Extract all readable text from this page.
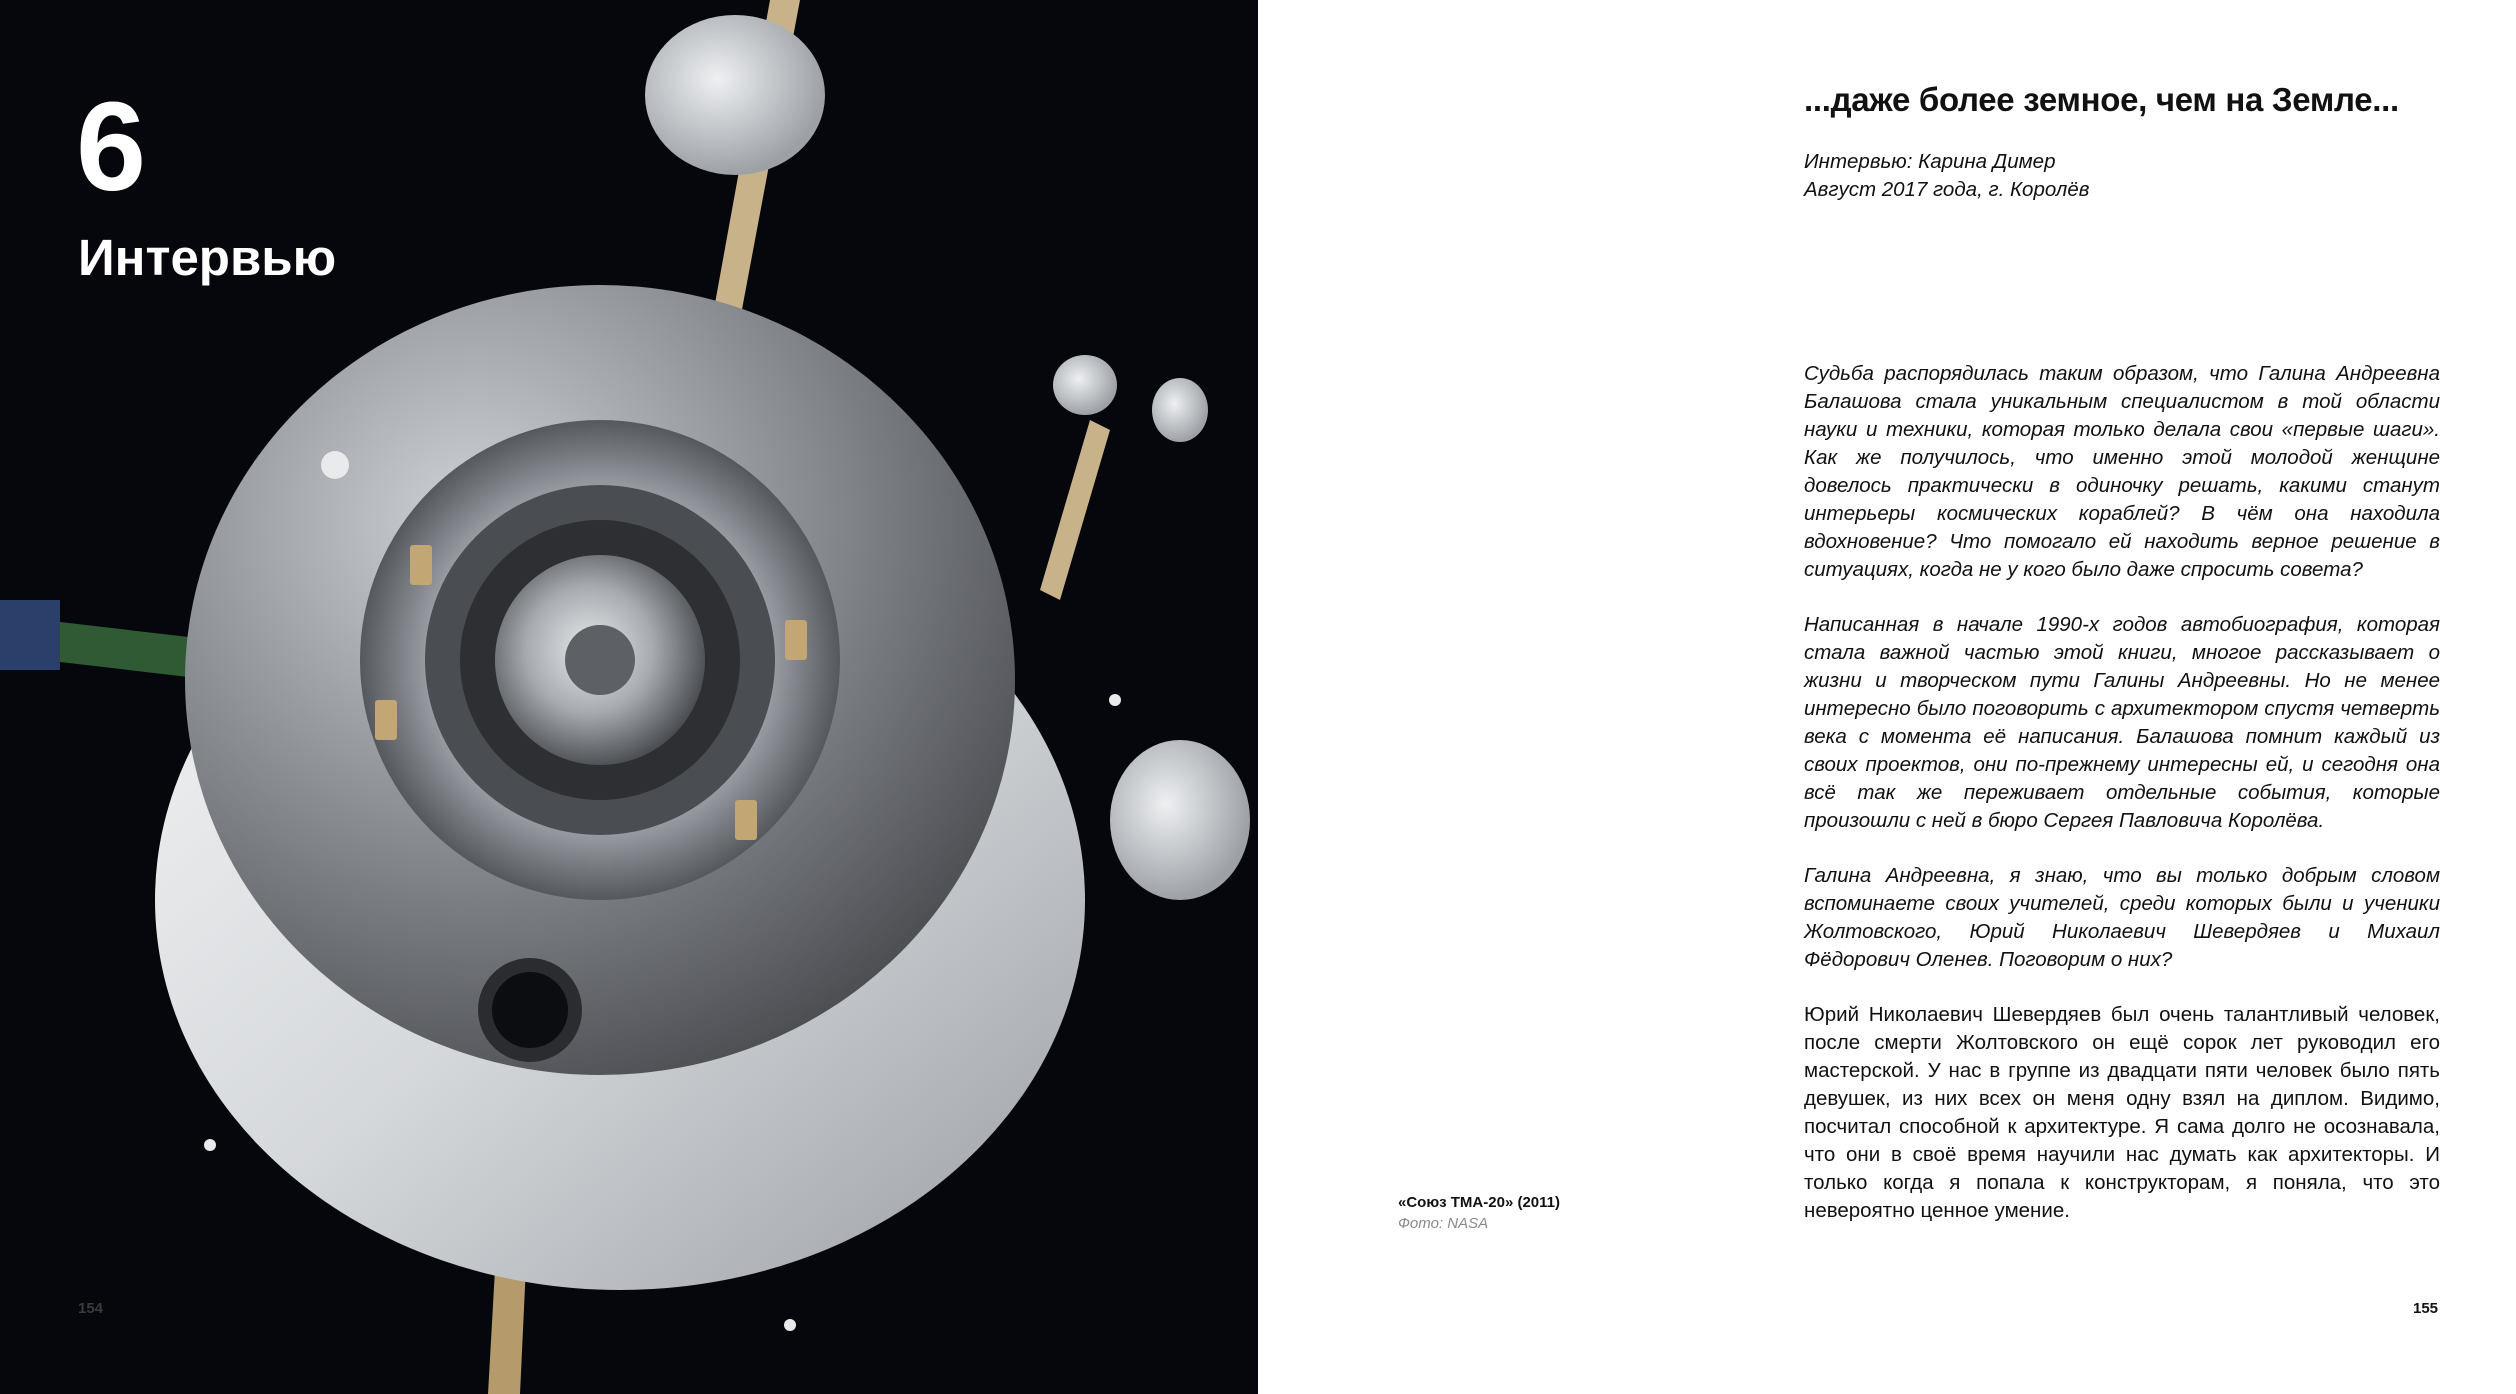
6
Интервью
154
«Союз ТМА-20» (2011)
Фото: NASA
...даже более земное, чем на Земле...
Интервью: Карина Димер
Август 2017 года, г. Королёв

Судьба распорядилась таким образом, что Галина Андреевна Балашова стала уникальным специалистом в той области науки и техники, которая только делала свои «первые шаги». Как же получилось, что именно этой молодой женщине довелось практически в одиночку решать, какими станут интерьеры космических кораблей? В чём она находила вдохновение? Что помогало ей находить верное решение в ситуациях, когда не у кого было даже спросить совета?

Написанная в начале 1990-х годов автобиография, которая стала важной частью этой книги, многое рассказывает о жизни и творческом пути Галины Андреевны. Но не менее интересно было поговорить с архитектором спустя четверть века с момента её написания. Балашова помнит каждый из своих проектов, они по-прежнему интересны ей, и сегодня она всё так же переживает отдельные события, которые произошли с ней в бюро Сергея Павловича Королёва.

Галина Андреевна, я знаю, что вы только добрым словом вспоминаете своих учителей, среди которых были и ученики Жолтовского, Юрий Николаевич Шевердяев и Михаил Фёдорович Оленев. Поговорим о них?

Юрий Николаевич Шевердяев был очень талантливый человек, после смерти Жолтовского он ещё сорок лет руководил его мастерской. У нас в группе из двадцати пяти человек было пять девушек, из них всех он меня одну взял на диплом. Видимо, посчитал способной к архитектуре. Я сама долго не осознавала, что они в своё время научили нас думать как архитекторы. И только когда я попала к конструкторам, я поняла, что это невероятно ценное умение.

155
